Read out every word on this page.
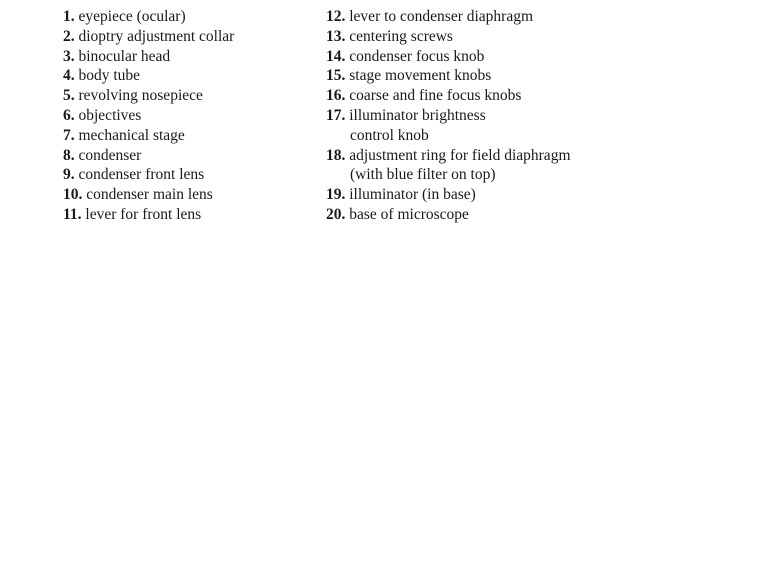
1. eyepiece (ocular)
2. dioptry adjustment collar
3. binocular head
4. body tube
5. revolving nosepiece
6. objectives
7. mechanical stage
8. condenser
9. condenser front lens
10. condenser main lens
11. lever for front lens
12. lever to condenser diaphragm
13. centering screws
14. condenser focus knob
15. stage movement knobs
16. coarse and fine focus knobs
17. illuminator brightness
control knob
18. adjustment ring for field diaphragm
(with blue filter on top)
19. illuminator (in base)
20. base of microscope
